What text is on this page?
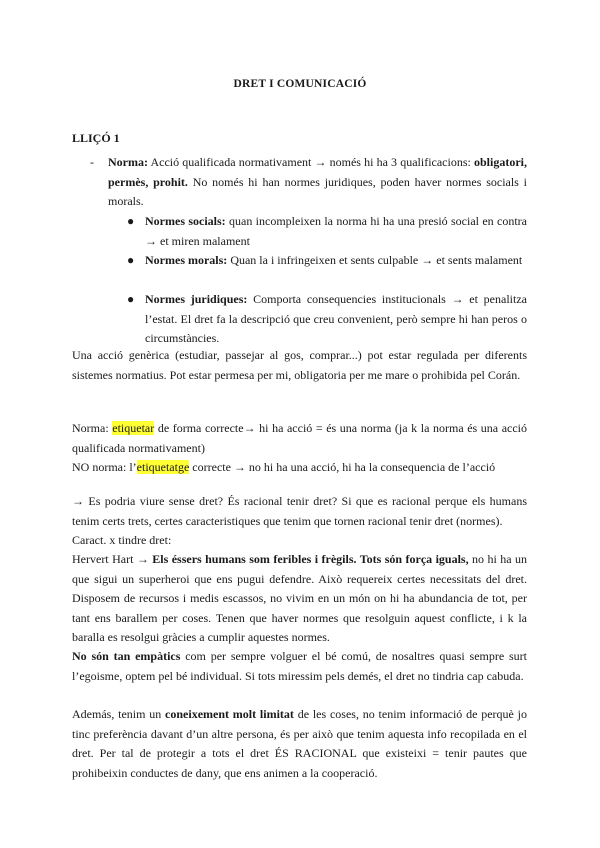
DRET I COMUNICACIÓ
LLIÇÓ 1
- Norma: Acció qualificada normativament → només hi ha 3 qualificacions: obligatori, permès, prohit. No només hi han normes juridiques, poden haver normes socials i morals.
● Normes socials: quan incompleixen la norma hi ha una presió social en contra → et miren malament
● Normes morals: Quan la i infringeixen et sents culpable → et sents malament
● Normes juridiques: Comporta consequencies institucionals → et penalitza l’estat. El dret fa la descripció que creu convenient, però sempre hi han peros o circumstàncies.
Una acció genèrica (estudiar, passejar al gos, comprar...) pot estar regulada per diferents sistemes normatius. Pot estar permesa per mi, obligatoria per me mare o prohibida pel Corán.
Norma: etiquetar de forma correcte→ hi ha acció = és una norma (ja k la norma és una acció qualificada normativament)
NO norma: l’etiquetatge correcte → no hi ha una acció, hi ha la consequencia de l’acció
→ Es podria viure sense dret? És racional tenir dret? Si que es racional perque els humans tenim certs trets, certes caracteristiques que tenim que tornen racional tenir dret (normes).
Caract. x tindre dret:
Hervert Hart → Els éssers humans som feribles i frègils. Tots són força iguals, no hi ha un que sigui un superheroi que ens pugui defendre. Això requereix certes necessitats del dret. Disposem de recursos i medis escassos, no vivim en un món on hi ha abundancia de tot, per tant ens barallem per coses. Tenen que haver normes que resolguin aquest conflicte, i k la baralla es resolgui gràcies a cumplir aquestes normes.
No són tan empàtics com per sempre volguer el bé comú, de nosaltres quasi sempre surt l’egoisme, optem pel bé individual. Si tots miressim pels demés, el dret no tindria cap cabuda.
Además, tenim un coneixement molt limitat de les coses, no tenim informació de perquè jo tinc preferència davant d’un altre persona, és per això que tenim aquesta info recopilada en el dret. Per tal de protegir a tots el dret ÉS RACIONAL que existeixi = tenir pautes que prohibeixin conductes de dany, que ens animen a la cooperació.
